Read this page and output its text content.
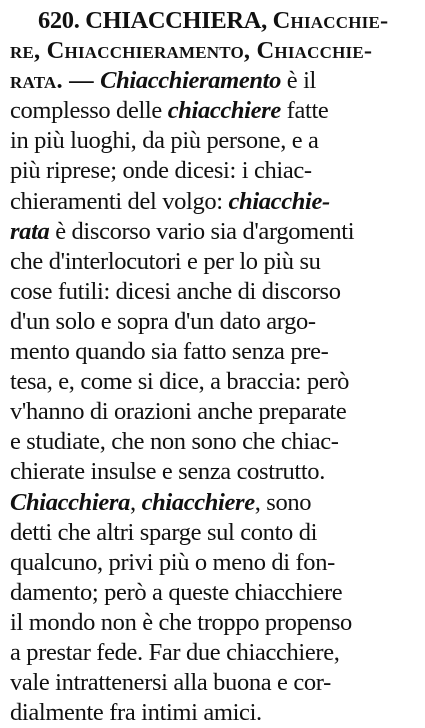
620. CHIACCHIERA, Chiacchie-
re, Chiacchieramento, Chiacchie-
rata. — Chiacchieramento è il
complesso delle chiacchiere fatte
in più luoghi, da più persone, e a
più riprese; onde dicesi: i chiac-
chieramenti del volgo: chiacchie-
rata è discorso vario sia d'argomenti
che d'interlocutori e per lo più su
cose futili: dicesi anche di discorso
d'un solo e sopra d'un dato argo-
mento quando sia fatto senza pre-
tesa, e, come si dice, a braccia: però
v'hanno di orazioni anche preparate
e studiate, che non sono che chiac-
chierate insulse e senza costrutto.
Chiacchiera, chiacchiere, sono
detti che altri sparge sul conto di
qualcuno, privi più o meno di fon-
damento; però a queste chiacchiere
il mondo non è che troppo propenso
a prestar fede. Far due chiacchiere,
vale intrattenersi alla buona e cor-
dialmente fra intimi amici.
